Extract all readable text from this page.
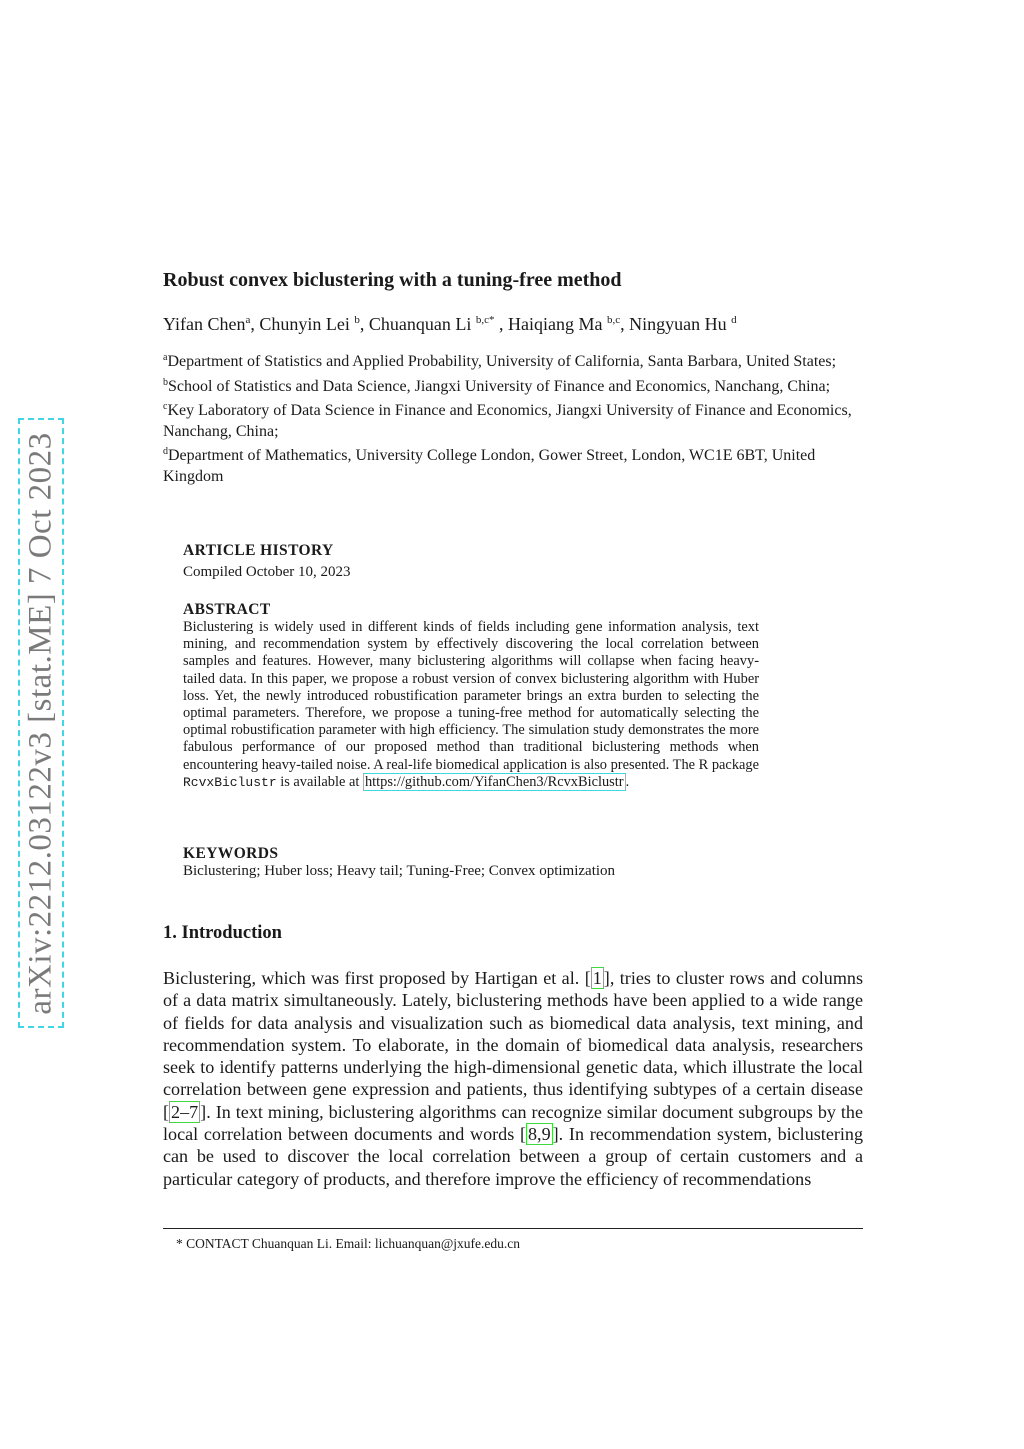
arXiv:2212.03122v3 [stat.ME] 7 Oct 2023
Robust convex biclustering with a tuning-free method
Yifan Chen$^a$, Chunyin Lei $^b$, Chuanquan Li $^{b,c*}$ , Haiqiang Ma $^{b,c}$, Ningyuan Hu $^d$
$^a$Department of Statistics and Applied Probability, University of California, Santa Barbara, United States;
$^b$School of Statistics and Data Science, Jiangxi University of Finance and Economics, Nanchang, China;
$^c$Key Laboratory of Data Science in Finance and Economics, Jiangxi University of Finance and Economics, Nanchang, China;
$^d$Department of Mathematics, University College London, Gower Street, London, WC1E 6BT, United Kingdom
ARTICLE HISTORY
Compiled October 10, 2023
ABSTRACT
Biclustering is widely used in different kinds of fields including gene information analysis, text mining, and recommendation system by effectively discovering the local correlation between samples and features. However, many biclustering algorithms will collapse when facing heavy-tailed data. In this paper, we propose a robust version of convex biclustering algorithm with Huber loss. Yet, the newly introduced robustification parameter brings an extra burden to selecting the optimal parameters. Therefore, we propose a tuning-free method for automatically selecting the optimal robustification parameter with high efficiency. The simulation study demonstrates the more fabulous performance of our proposed method than traditional biclustering methods when encountering heavy-tailed noise. A real-life biomedical application is also presented. The R package RcvxBiclustr is available at https://github.com/YifanChen3/RcvxBiclustr .
KEYWORDS
Biclustering; Huber loss; Heavy tail; Tuning-Free; Convex optimization
1. Introduction
Biclustering, which was first proposed by Hartigan et al. [ 1 ], tries to cluster rows and columns of a data matrix simultaneously. Lately, biclustering methods have been applied to a wide range of fields for data analysis and visualization such as biomedical data analysis, text mining, and recommendation system. To elaborate, in the domain of biomedical data analysis, researchers seek to identify patterns underlying the high-dimensional genetic data, which illustrate the local correlation between gene expression and patients, thus identifying subtypes of a certain disease [ 2–7 ]. In text mining, biclustering algorithms can recognize similar document subgroups by the local correlation between documents and words [ 8,9 ]. In recommendation system, biclustering can be used to discover the local correlation between a group of certain customers and a particular category of products, and therefore improve the efficiency of recommendations
* CONTACT Chuanquan Li. Email: lichuanquan@jxufe.edu.cn
